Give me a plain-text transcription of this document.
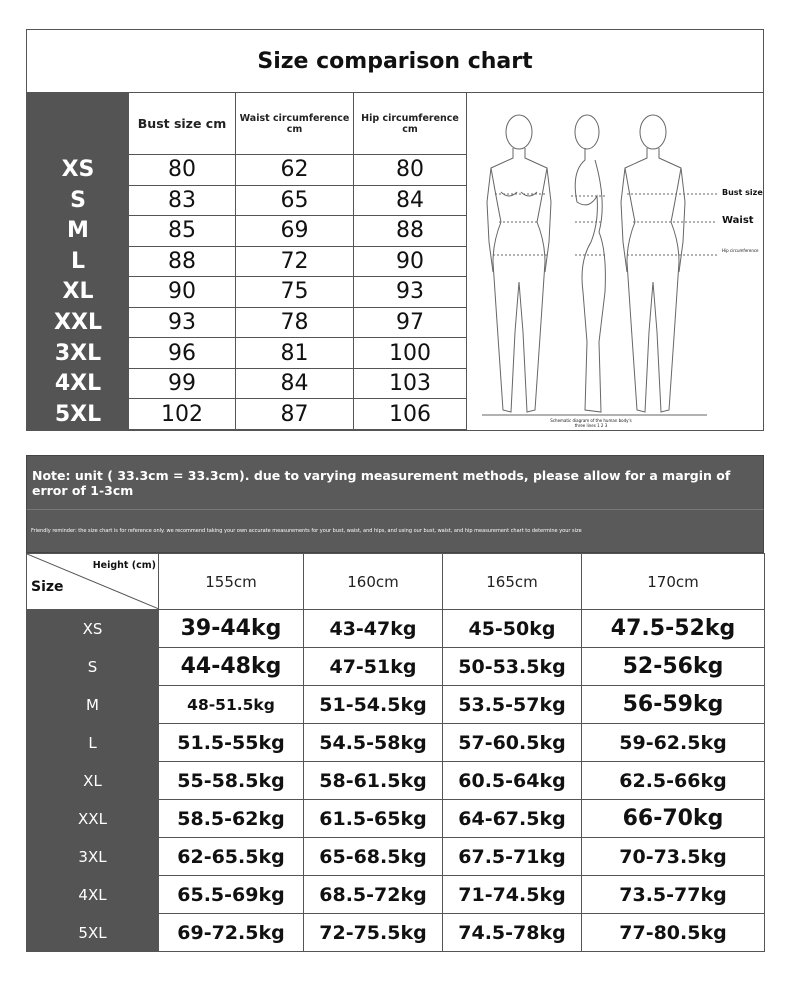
Size comparison chart
	Bust size cm	Waist circumference cm	Hip circumference cm
XS	80	62	80
S	83	65	84
M	85	69	88
L	88	72	90
XL	90	75	93
XXL	93	78	97
3XL	96	81	100
4XL	99	84	103
5XL	102	87	106
Bust size
Waist
Hip circumference
Schematic diagram of the human body's three lines 1 2 3
Note: unit ( 33.3cm = 33.3cm). due to varying measurement methods, please allow for a margin of error of 1-3cm
Friendly reminder: the size chart is for reference only. we recommend taking your own accurate measurements for your bust, waist, and hips, and using our bust, waist, and hip measurement chart to determine your size
Height (cm)
Size	155cm	160cm	165cm	170cm
XS	39-44kg	43-47kg	45-50kg	47.5-52kg
S	44-48kg	47-51kg	50-53.5kg	52-56kg
M	48-51.5kg	51-54.5kg	53.5-57kg	56-59kg
L	51.5-55kg	54.5-58kg	57-60.5kg	59-62.5kg
XL	55-58.5kg	58-61.5kg	60.5-64kg	62.5-66kg
XXL	58.5-62kg	61.5-65kg	64-67.5kg	66-70kg
3XL	62-65.5kg	65-68.5kg	67.5-71kg	70-73.5kg
4XL	65.5-69kg	68.5-72kg	71-74.5kg	73.5-77kg
5XL	69-72.5kg	72-75.5kg	74.5-78kg	77-80.5kg
